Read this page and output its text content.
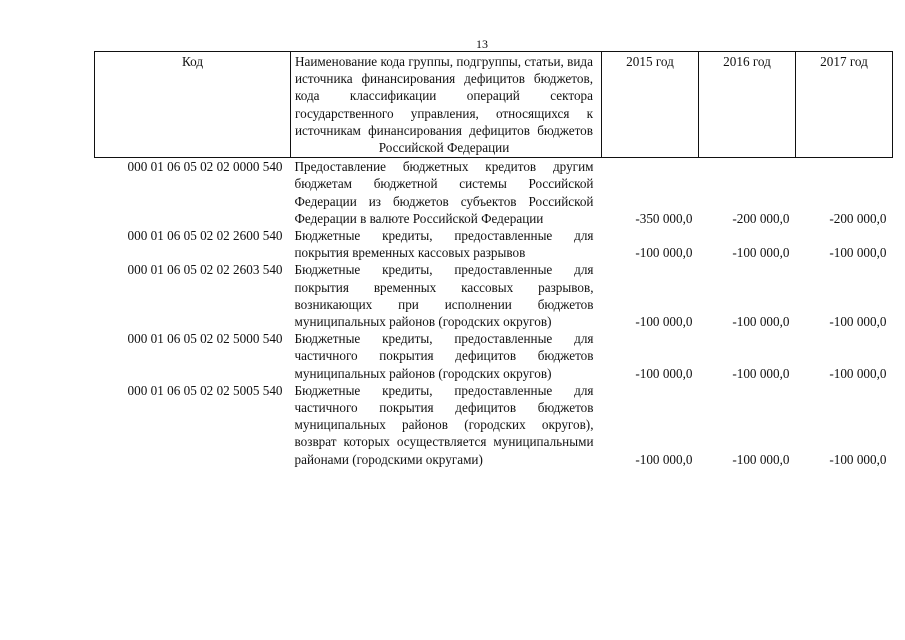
13
Код	Наименование кода группы, подгруппы, статьи, вида источника финансирования дефицитов бюджетов, кода классификации операций сектора государственного управления, относящихся к источникам финансирования дефицитов бюджетов Российской Федерации	2015 год	2016 год	2017 год
000 01 06 05 02 02 0000 540	Предоставление бюджетных кредитов другим бюджетам бюджетной системы Российской Федерации из бюджетов субъектов Российской Федерации в валюте Российской Федерации	-350 000,0	-200 000,0	-200 000,0
000 01 06 05 02 02 2600 540	Бюджетные кредиты, предоставленные для покрытия временных кассовых разрывов	-100 000,0	-100 000,0	-100 000,0
000 01 06 05 02 02 2603 540	Бюджетные кредиты, предоставленные для покрытия временных кассовых разрывов, возникающих при исполнении бюджетов муниципальных районов (городских округов)	-100 000,0	-100 000,0	-100 000,0
000 01 06 05 02 02 5000 540	Бюджетные кредиты, предоставленные для частичного покрытия дефицитов бюджетов муниципальных районов (городских округов)	-100 000,0	-100 000,0	-100 000,0
000 01 06 05 02 02 5005 540	Бюджетные кредиты, предоставленные для частичного покрытия дефицитов бюджетов муниципальных районов (городских округов), возврат которых осуществляется муниципальными районами (городскими округами)	-100 000,0	-100 000,0	-100 000,0
